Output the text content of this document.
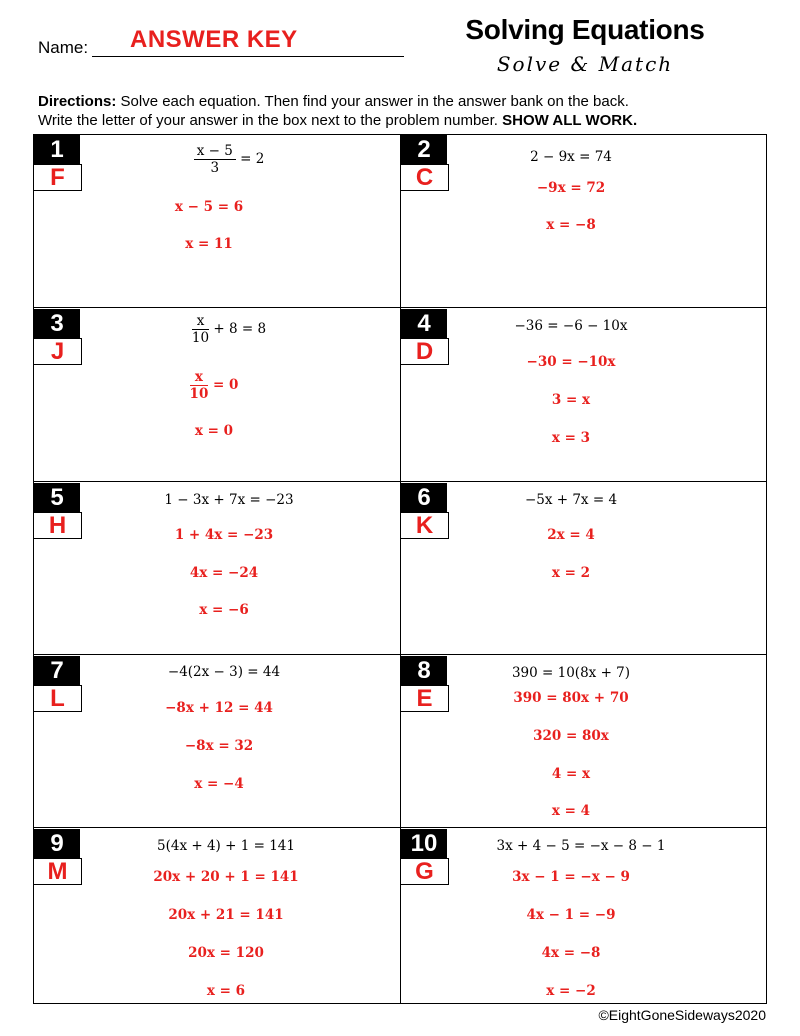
Name: ANSWER KEY	Solving Equations
Solve & Match
Directions: Solve each equation. Then find your answer in the answer bank on the back.
Write the letter of your answer in the box next to the problem number. SHOW ALL WORK.
1
F
$\frac{x - 5}{3} = 2$
x − 5 = 6
x = 11
2
C
2 − 9x = 74
−9x = 72
x = −8
3
J
$\frac{x}{10} + 8 = 8$
$\frac{x}{10} = 0$
x = 0
4
D
−36 = −6 − 10x
−30 = −10x
3 = x
x = 3
5
H
1 − 3x + 7x = −23
1 + 4x = −23
4x = −24
x = −6
6
K
−5x + 7x = 4
2x = 4
x = 2
7
L
−4(2x − 3) = 44
−8x + 12 = 44
−8x = 32
x = −4
8
E
390 = 10(8x + 7)
390 = 80x + 70
320 = 80x
4 = x
x = 4
9
M
5(4x + 4) + 1 = 141
20x + 20 + 1 = 141
20x + 21 = 141
20x = 120
x = 6
10
G
3x + 4 − 5 = −x − 8 − 1
3x − 1 = −x − 9
4x − 1 = −9
4x = −8
x = −2
©EightGoneSideways2020
